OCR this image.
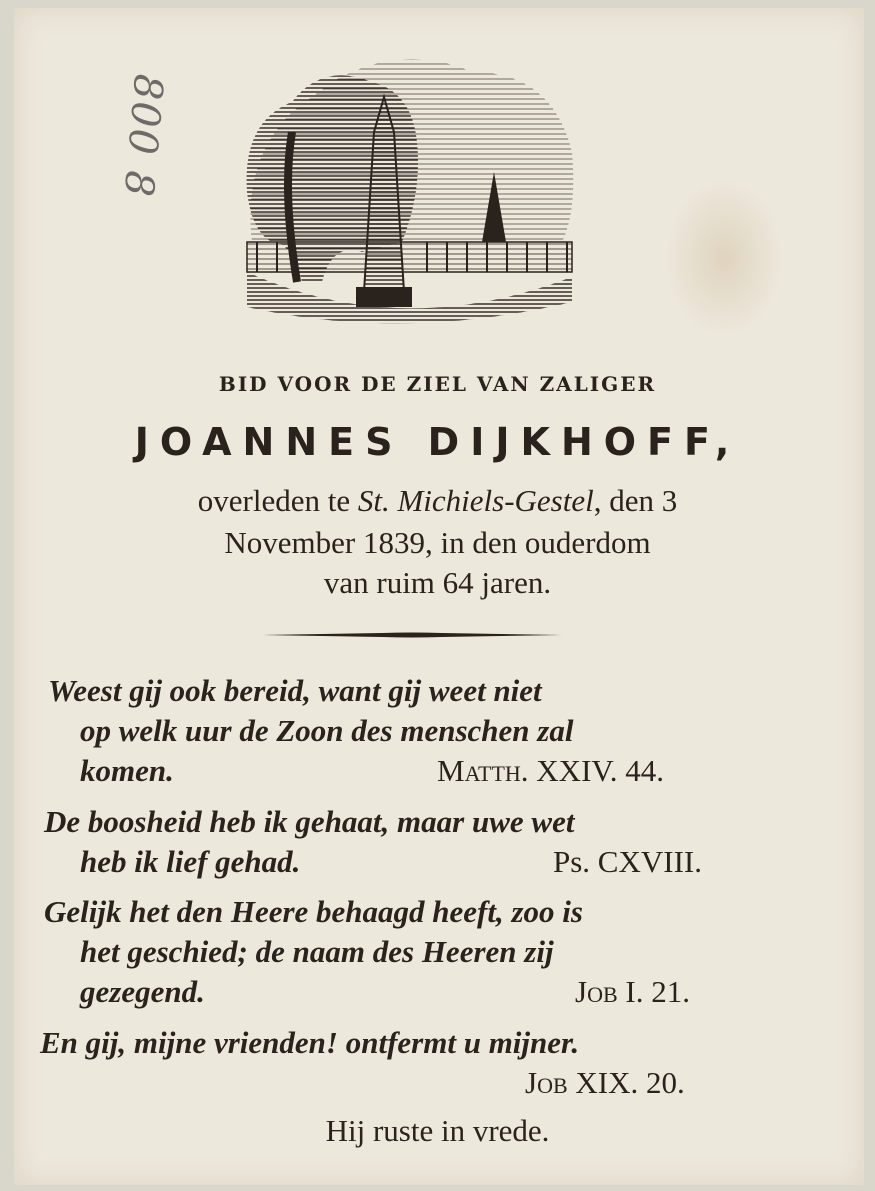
800 8
BID VOOR DE ZIEL VAN ZALIGER
JOANNES DIJKHOFF,
overleden te St. Michiels-Gestel, den 3
November 1839, in den ouderdom
van ruim 64 jaren.
Weest gij ook bereid, want gij weet niet
op welk uur de Zoon des menschen zal
komen.	MATTH. XXIV. 44.
De boosheid heb ik gehaat, maar uwe wet
heb ik lief gehad.	Ps. CXVIII.
Gelijk het den Heere behaagd heeft, zoo is
het geschied; de naam des Heeren zij
gezegend.	JOB I. 21.
En gij, mijne vrienden! ontfermt u mijner.
JOB XIX. 20.
Hij ruste in vrede.
